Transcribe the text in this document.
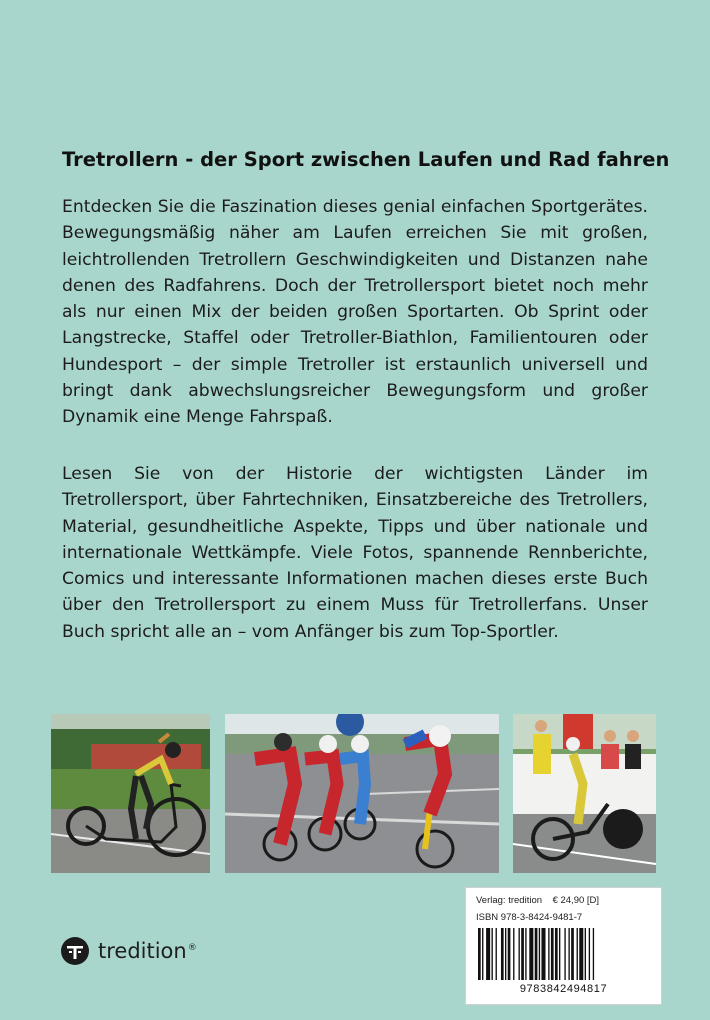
Tretrollern - der Sport zwischen Laufen und Rad fahren
Entdecken Sie die Faszination dieses genial einfachen Sportgerätes. Bewegungsmäßig näher am Laufen erreichen Sie mit großen, leichtrollenden Tretrollern Geschwindigkeiten und Distanzen nahe denen des Radfahrens. Doch der Tretrollersport bietet noch mehr als nur einen Mix der beiden großen Sportarten. Ob Sprint oder Langstrecke, Staffel oder Tretroller-Biathlon, Familientouren oder Hundesport – der simple Tretroller ist erstaunlich universell und bringt dank abwechslungsreicher Bewegungsform und großer Dynamik eine Menge Fahrspaß.
Lesen Sie von der Historie der wichtigsten Länder im Tretrollersport, über Fahrtechniken, Einsatzbereiche des Tretrollers, Material, gesundheitliche Aspekte, Tipps und über nationale und internationale Wettkämpfe. Viele Fotos, spannende Rennberichte, Comics und interessante Informationen machen dieses erste Buch über den Tretrollersport zu einem Muss für Tretrollerfans. Unser Buch spricht alle an – vom Anfänger bis zum Top-Sportler.
tredition®
Verlag: tredition    € 24,90 [D]
ISBN 978-3-8424-9481-7
9783842494817
